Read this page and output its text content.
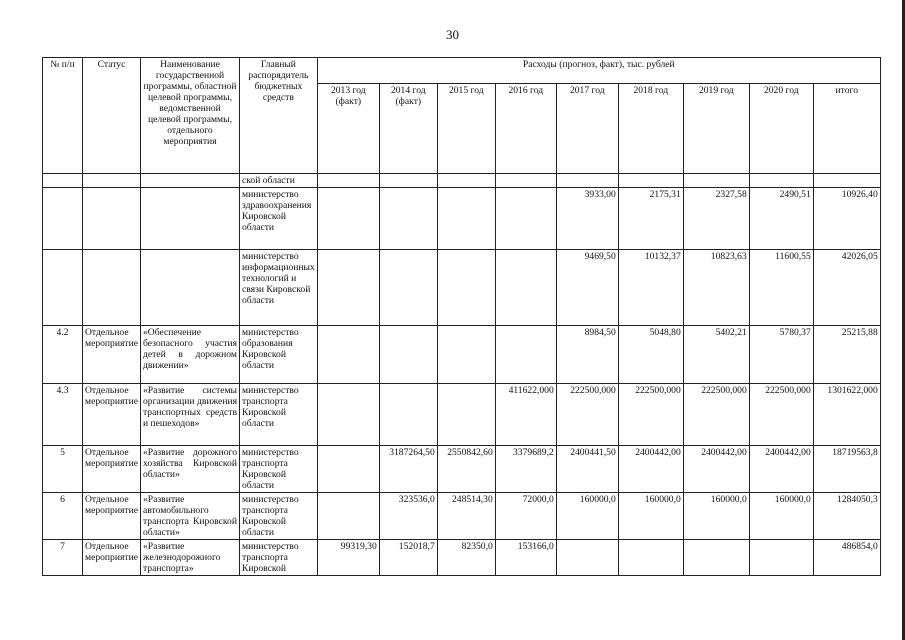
30
№ п/п	Статус	Наименование государственной программы, областной целевой программы, ведомственной целевой программы, отдельного мероприятия	Главный распорядитель бюджетных средств	Расходы (прогноз, факт), тыс. рублей								
				2013 год (факт)	2014 год (факт)	2015 год	2016 год	2017 год	2018 год	2019 год	2020 год	итого
			ской области									
			министерство здравоохранения Кировской области					3933,00	2175,31	2327,58	2490,51	10926,40
			министерство информационных технологий и связи Кировской области					9469,50	10132,37	10823,63	11600,55	42026,05
4.2	Отдельное мероприятие	«Обеспечение безопасного участия детей в дорожном движении»	министерство образования Кировской области					8984,50	5048,80	5402,21	5780,37	25215,88
4.3	Отдельное мероприятие	«Развитие системы организации движения транспортных средств и пешеходов»	министерство транспорта Кировской области				411622,000	222500,000	222500,000	222500,000	222500,000	1301622,000
5	Отдельное мероприятие	«Развитие дорожного хозяйства Кировской области»	министерство транспорта Кировской области		3187264,50	2550842,60	3379689,2	2400441,50	2400442,00	2400442,00	2400442,00	18719563,8
6	Отдельное мероприятие	«Развитие автомобильного транспорта Кировской области»	министерство транспорта Кировской области		323536,0	248514,30	72000,0	160000,0	160000,0	160000,0	160000,0	1284050,3
7	Отдельное мероприятие	«Развитие железнодорожного транспорта»	министерство транспорта Кировской	99319,30	152018,7	82350,0	153166,0					486854,0
